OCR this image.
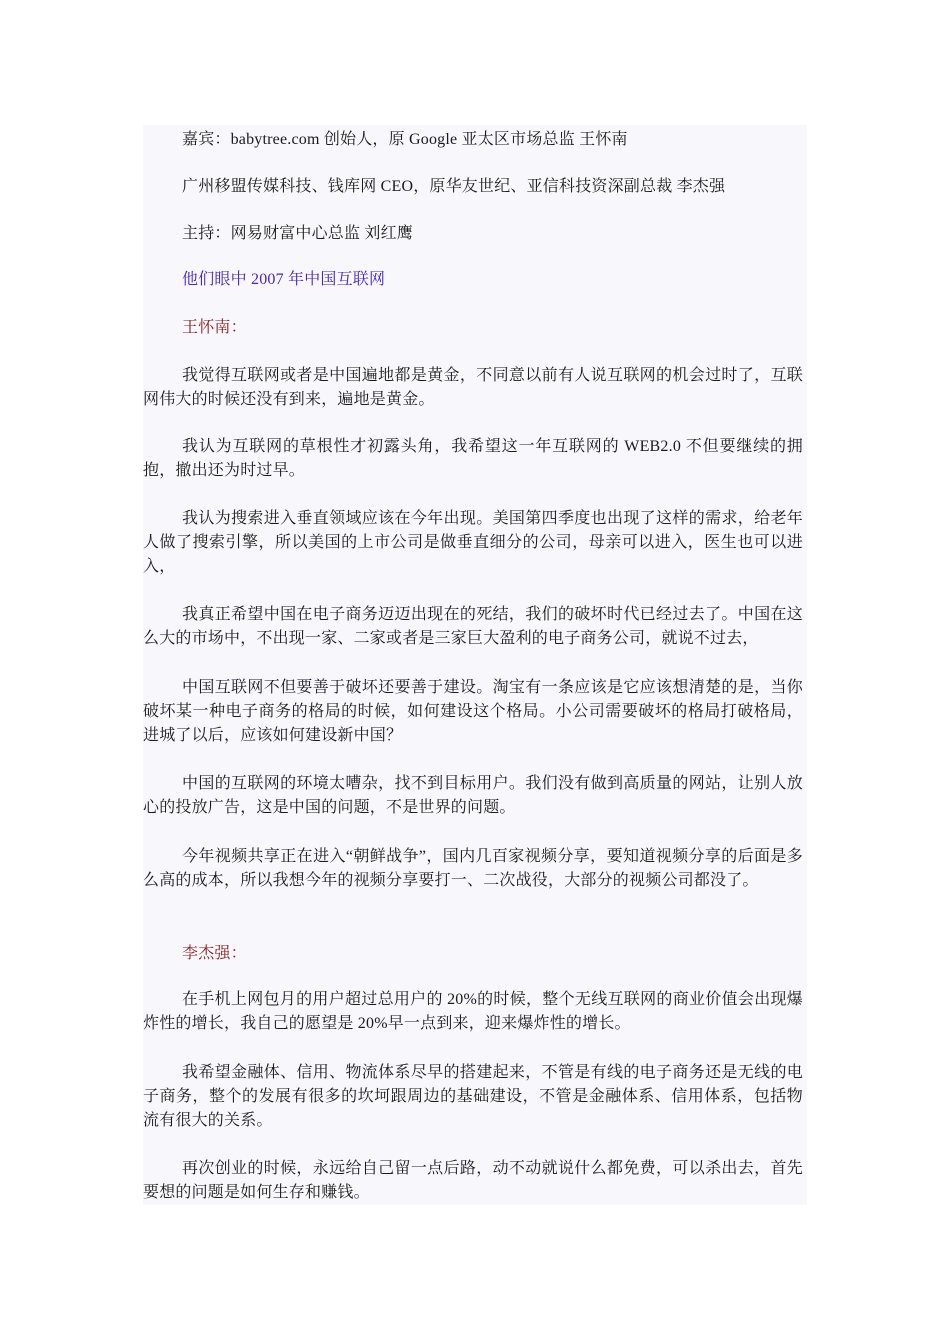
嘉宾：babytree.com 创始人，原 Google 亚太区市场总监 王怀南

广州移盟传媒科技、钱库网 CEO，原华友世纪、亚信科技资深副总裁 李杰强

主持：网易财富中心总监 刘红鹰

他们眼中 2007 年中国互联网

王怀南：

我觉得互联网或者是中国遍地都是黄金，不同意以前有人说互联网的机会过时了，互联网伟大的时候还没有到来，遍地是黄金。

我认为互联网的草根性才初露头角，我希望这一年互联网的 WEB2.0 不但要继续的拥抱，撤出还为时过早。

我认为搜索进入垂直领域应该在今年出现。美国第四季度也出现了这样的需求，给老年人做了搜索引擎，所以美国的上市公司是做垂直细分的公司，母亲可以进入，医生也可以进入，

我真正希望中国在电子商务迈迈出现在的死结，我们的破坏时代已经过去了。中国在这么大的市场中，不出现一家、二家或者是三家巨大盈利的电子商务公司，就说不过去，

中国互联网不但要善于破坏还要善于建设。淘宝有一条应该是它应该想清楚的是，当你破坏某一种电子商务的格局的时候，如何建设这个格局。小公司需要破坏的格局打破格局，进城了以后，应该如何建设新中国？

中国的互联网的环境太嘈杂，找不到目标用户。我们没有做到高质量的网站，让别人放心的投放广告，这是中国的问题，不是世界的问题。

今年视频共享正在进入“朝鲜战争”，国内几百家视频分享，要知道视频分享的后面是多么高的成本，所以我想今年的视频分享要打一、二次战役，大部分的视频公司都没了。

李杰强：

在手机上网包月的用户超过总用户的 20%的时候，整个无线互联网的商业价值会出现爆炸性的增长，我自己的愿望是 20%早一点到来，迎来爆炸性的增长。

我希望金融体、信用、物流体系尽早的搭建起来，不管是有线的电子商务还是无线的电子商务，整个的发展有很多的坎坷跟周边的基础建设，不管是金融体系、信用体系，包括物流有很大的关系。

再次创业的时候，永远给自己留一点后路，动不动就说什么都免费，可以杀出去，首先要想的问题是如何生存和赚钱。
